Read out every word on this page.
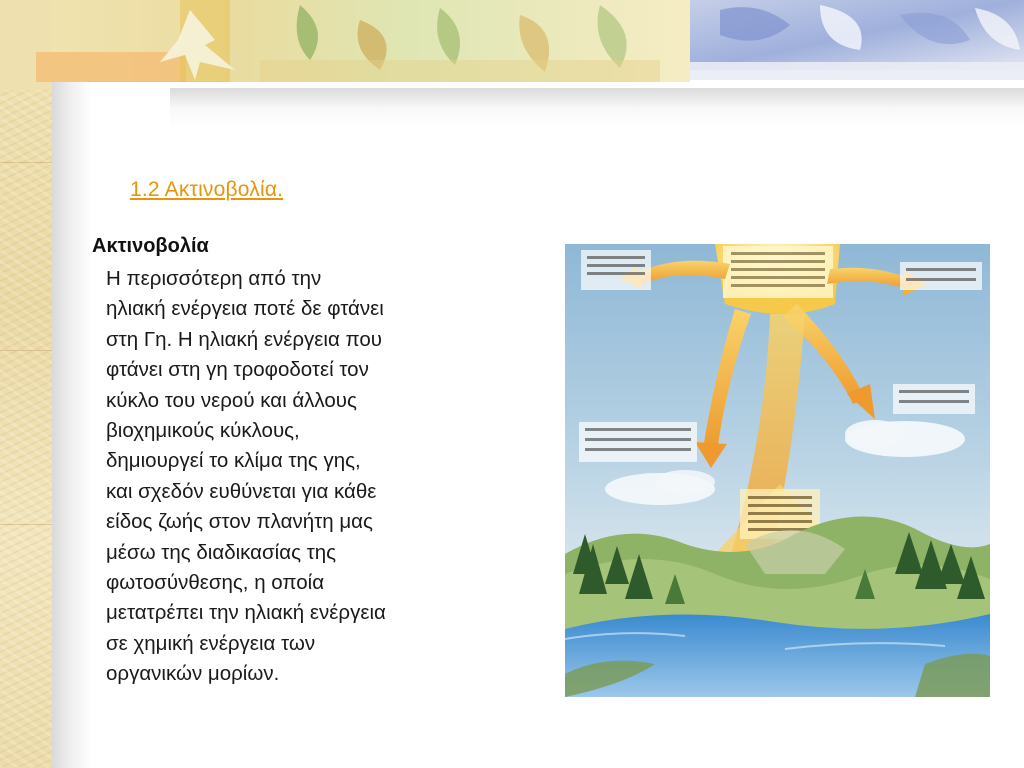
1.2 Ακτινοβολία.
Ακτινοβολία

Η περισσότερη από την
ηλιακή ενέργεια ποτέ δε φτάνει
στη Γη. Η ηλιακή ενέργεια που
φτάνει στη γη τροφοδοτεί τον
κύκλο του νερού και άλλους
βιοχημικούς κύκλους,
δημιουργεί το κλίμα της γης,
και σχεδόν ευθύνεται για κάθε
είδος ζωής στον πλανήτη μας
μέσω της διαδικασίας της
φωτοσύνθεσης, η οποία
μετατρέπει την ηλιακή ενέργεια
σε χημική ενέργεια των
οργανικών μορίων.
